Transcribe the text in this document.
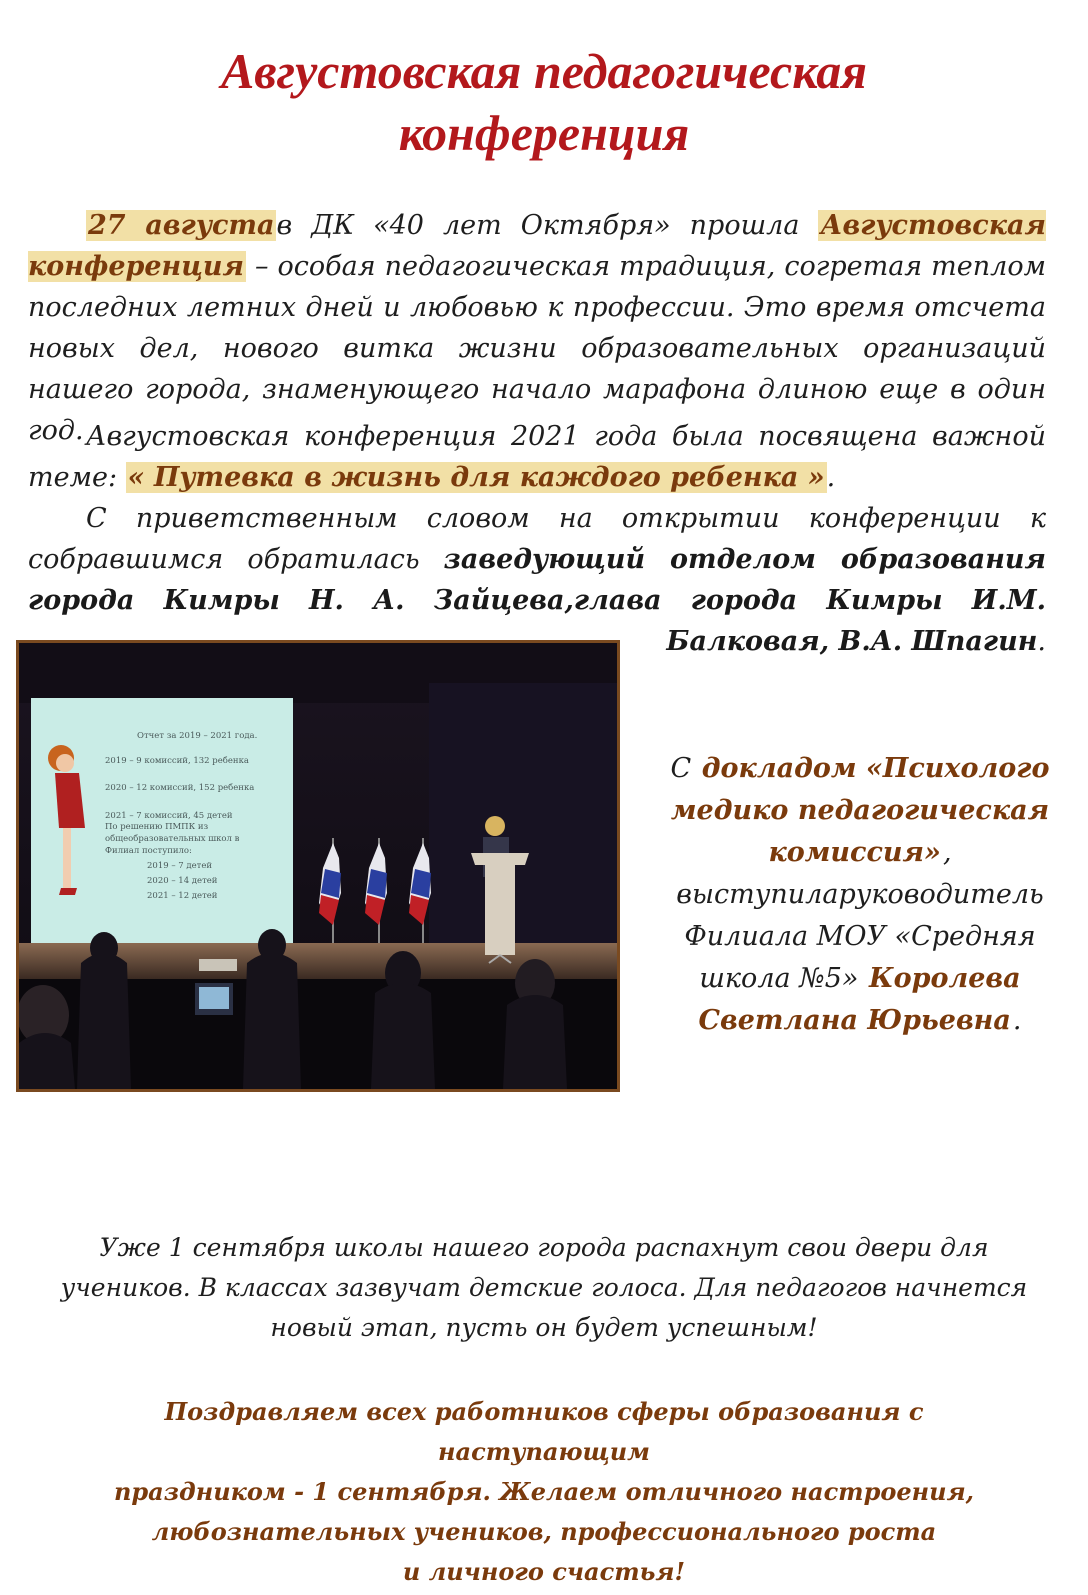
Августовская педагогическая
конференция

27 августав ДК «40 лет Октября» прошла Августовская конференция – особая педагогическая традиция, согретая теплом последних летних дней и любовью к профессии. Это время отсчета новых дел, нового витка жизни образовательных организаций нашего города, знаменующего начало марафона длиною еще в один год. Августовская конференция 2021 года была посвящена важной теме: « Путевка в жизнь для каждого ребенка ».

С приветственным словом на открытии конференции к собравшимся обратилась заведующий отделом образования города Кимры Н. А. Зайцева,глава города Кимры И.М. Балковая, В.А. Шпагин.

Отчет за 2019 – 2021 года.
2019 – 9 комиссий, 132 ребенка
2020 – 12 комиссий, 152 ребенка
2021 – 7 комиссий, 45 детей
По решению ПМПК из
общеобразовательных школ в
Филиал поступило:
2019 – 7 детей
2020 – 14 детей
2021 – 12 детей

С докладом «Психолого медико педагогическая комиссия», выступиларуководитель Филиала МОУ «Средняя школа №5» Королева Светлана Юрьевна.

Уже 1 сентября школы нашего города распахнут свои двери для учеников. В классах зазвучат детские голоса. Для педагогов начнется новый этап, пусть он будет успешным!

Поздравляем всех работников сферы образования с наступающим
праздником - 1 сентября. Желаем отличного настроения,
любознательных учеников, профессионального роста
и личного счастья!
